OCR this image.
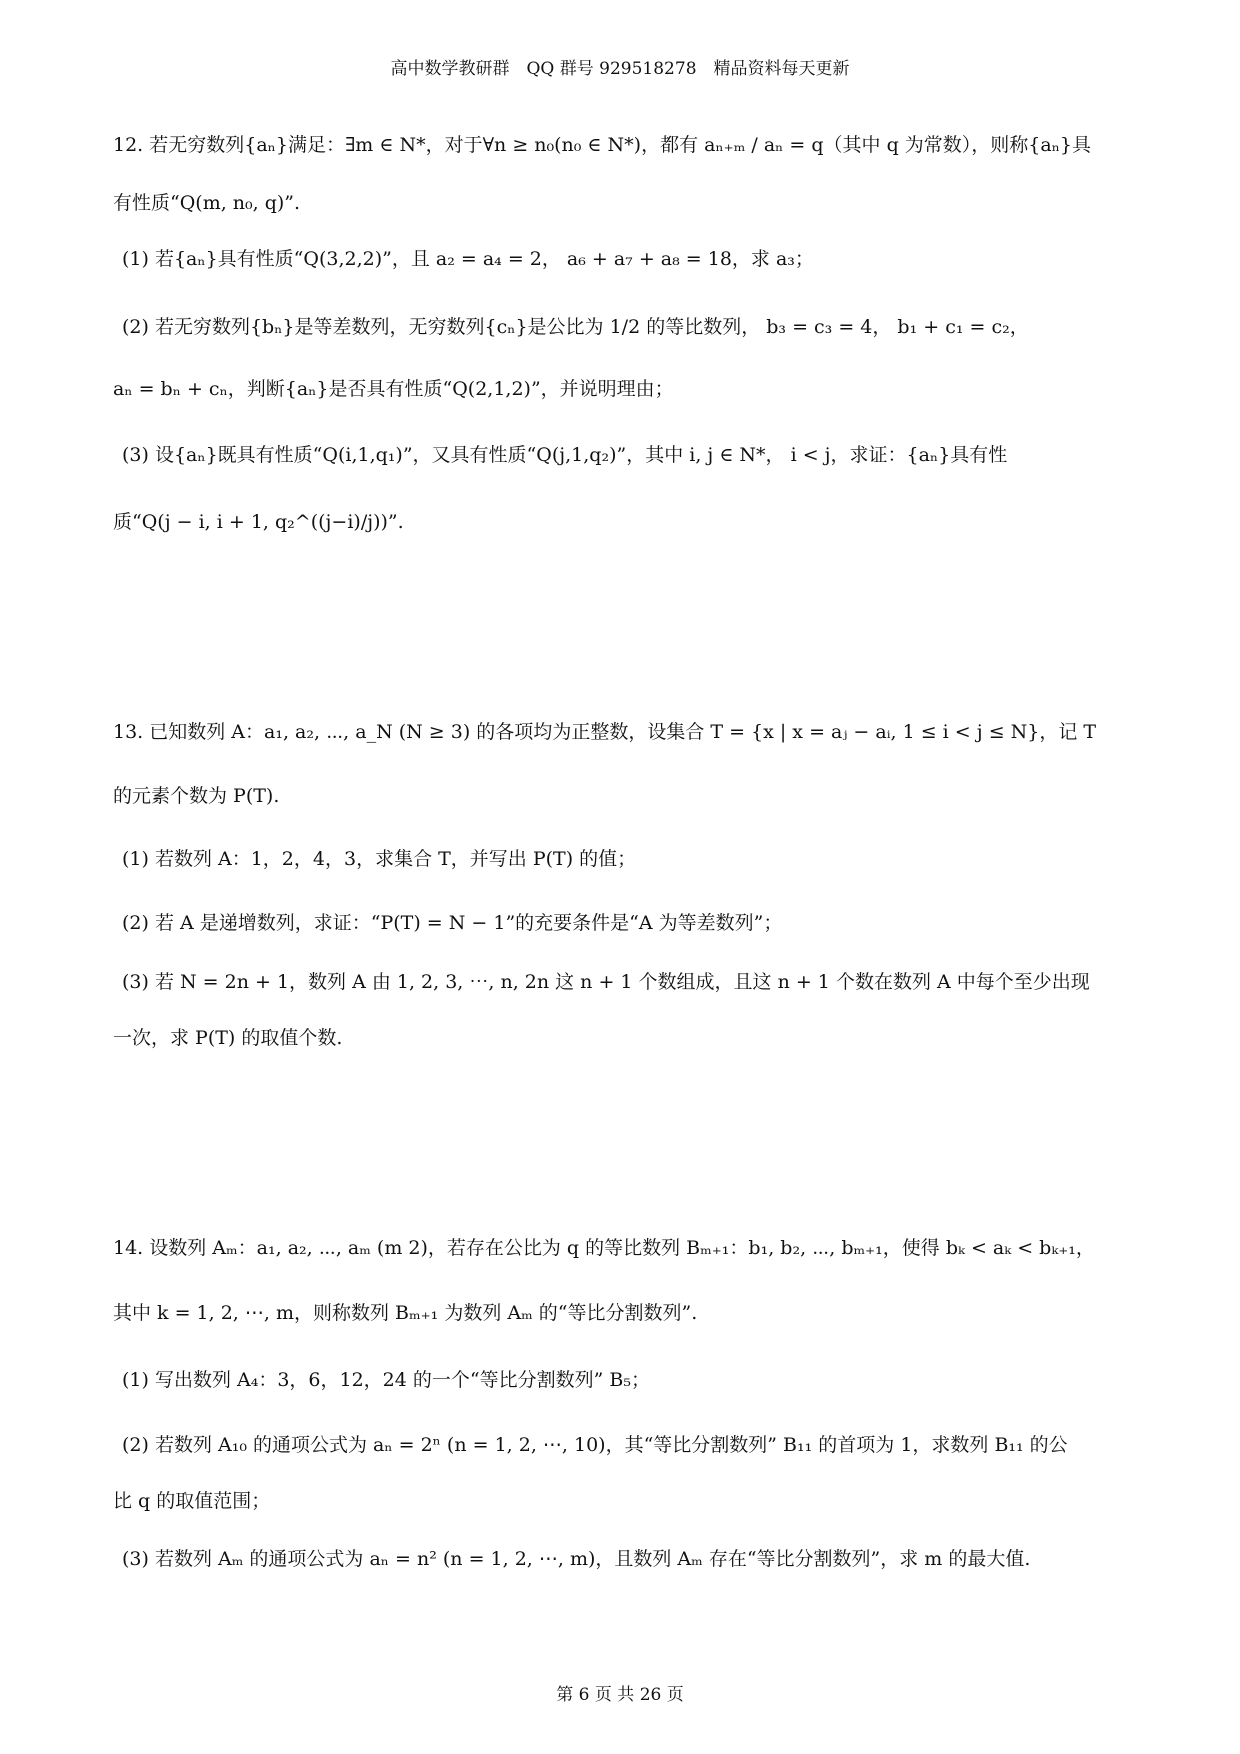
高中数学教研群　QQ 群号 929518278　精品资料每天更新
12. 若无穷数列{aₙ}满足：∃m ∈ N*，对于∀n ≥ n₀(n₀ ∈ N*)，都有 aₙ₊ₘ / aₙ = q（其中 q 为常数），则称{aₙ}具
有性质“Q(m, n₀, q)”.
(1) 若{aₙ}具有性质“Q(3,2,2)”，且 a₂ = a₄ = 2， a₆ + a₇ + a₈ = 18，求 a₃；
(2) 若无穷数列{bₙ}是等差数列，无穷数列{cₙ}是公比为 1/2 的等比数列， b₃ = c₃ = 4， b₁ + c₁ = c₂，
aₙ = bₙ + cₙ，判断{aₙ}是否具有性质“Q(2,1,2)”，并说明理由；
(3) 设{aₙ}既具有性质“Q(i,1,q₁)”，又具有性质“Q(j,1,q₂)”，其中 i, j ∈ N*， i < j，求证：{aₙ}具有性
质“Q(j − i, i + 1, q₂^((j−i)/j))”.
13. 已知数列 A：a₁, a₂, ⋯, a_N (N ≥ 3) 的各项均为正整数，设集合 T = {x | x = aⱼ − aᵢ, 1 ≤ i < j ≤ N}，记 T
的元素个数为 P(T).
(1) 若数列 A：1，2，4，3，求集合 T，并写出 P(T) 的值；
(2) 若 A 是递增数列，求证：“P(T) = N − 1”的充要条件是“A 为等差数列”；
(3) 若 N = 2n + 1，数列 A 由 1, 2, 3, ⋯, n, 2n 这 n + 1 个数组成，且这 n + 1 个数在数列 A 中每个至少出现
一次，求 P(T) 的取值个数.
14. 设数列 Aₘ：a₁, a₂, ⋯, aₘ (m 2)，若存在公比为 q 的等比数列 Bₘ₊₁：b₁, b₂, ⋯, bₘ₊₁，使得 bₖ < aₖ < bₖ₊₁，
其中 k = 1, 2, ⋯, m，则称数列 Bₘ₊₁ 为数列 Aₘ 的“等比分割数列”.
(1) 写出数列 A₄：3，6，12，24 的一个“等比分割数列” B₅；
(2) 若数列 A₁₀ 的通项公式为 aₙ = 2ⁿ (n = 1, 2, ⋯, 10)，其“等比分割数列” B₁₁ 的首项为 1，求数列 B₁₁ 的公
比 q 的取值范围；
(3) 若数列 Aₘ 的通项公式为 aₙ = n² (n = 1, 2, ⋯, m)，且数列 Aₘ 存在“等比分割数列”，求 m 的最大值.
第 6 页 共 26 页
